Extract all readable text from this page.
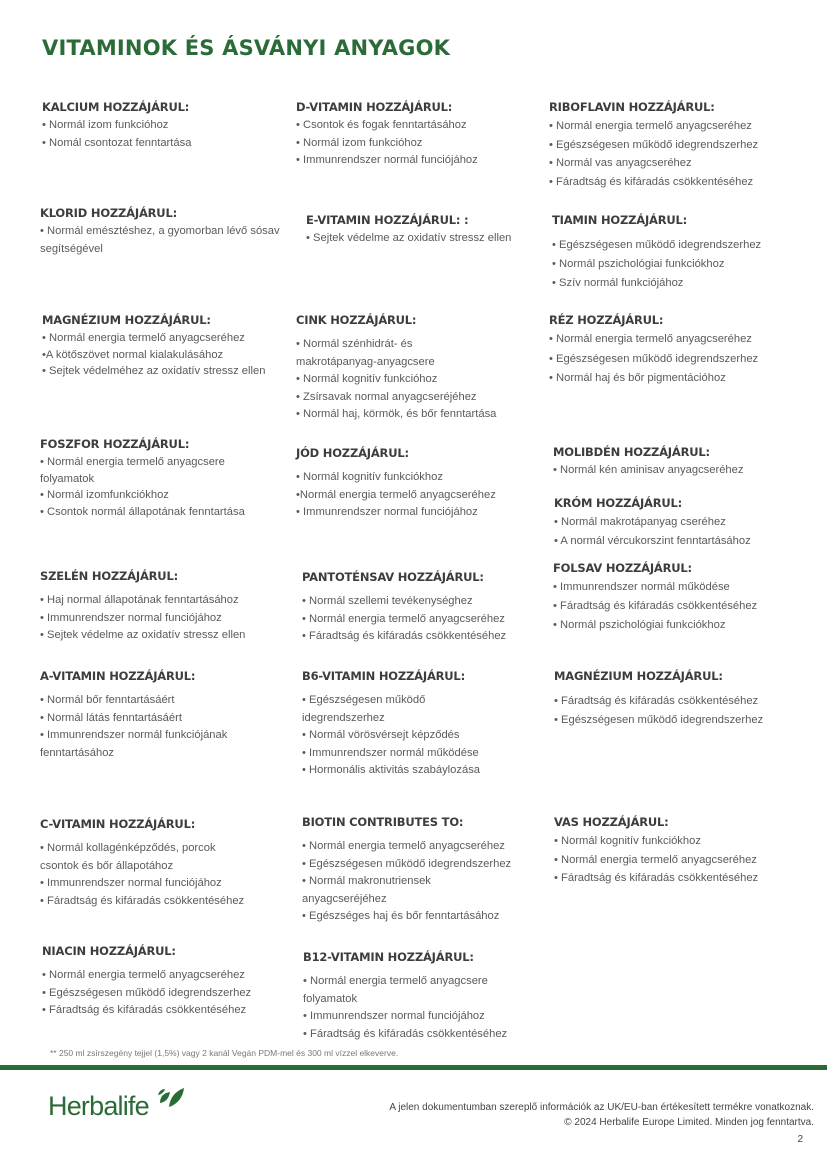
VITAMINOK ÉS ÁSVÁNYI ANYAGOK
KALCIUM HOZZÁJÁRUL:
• Normál izom funkcióhoz
• Nomál csontozat fenntartása
D-VITAMIN HOZZÁJÁRUL:
• Csontok és fogak fenntartásához
• Normál izom funkcióhoz
• Immunrendszer normál funciójához
RIBOFLAVIN HOZZÁJÁRUL:
• Normál energia termelő anyagcseréhez
• Egészségesen működő idegrendszerhez
• Normál vas anyagcseréhez
• Fáradtság és kifáradás csökkentéséhez
KLORID HOZZÁJÁRUL:
• Normál emésztéshez, a gyomorban lévő sósav segítségével
E-VITAMIN HOZZÁJÁRUL: :
• Sejtek védelme az oxidatív stressz ellen
TIAMIN HOZZÁJÁRUL:
• Egészségesen működő idegrendszerhez
• Normál pszichológiai funkciókhoz
• Szív normál funkciójához
MAGNÉZIUM HOZZÁJÁRUL:
• Normál energia termelő anyagcseréhez
•A kötőszövet normal kialakulásához
• Sejtek védelméhez az oxidatív stressz ellen
CINK HOZZÁJÁRUL:
• Normál szénhidrát- és makrotápanyag-anyagcsere
• Normál kognitív funkcióhoz
• Zsírsavak normal anyagcseréjéhez
• Normál haj, körmök, és bőr fenntartása
RÉZ HOZZÁJÁRUL:
• Normál energia termelő anyagcseréhez
• Egészségesen működő idegrendszerhez
• Normál haj és bőr pigmentációhoz
FOSZFOR HOZZÁJÁRUL:
• Normál energia termelő anyagcsere folyamatok
• Normál izomfunkciókhoz
• Csontok normál állapotának fenntartása
JÓD HOZZÁJÁRUL:
• Normál kognitív funkciókhoz
•Normál energia termelő anyagcseréhez
• Immunrendszer normal funciójához
MOLIBDÉN HOZZÁJÁRUL:
• Normál kén aminisav anyagcseréhez
KRÓM HOZZÁJÁRUL:
• Normál makrotápanyag cseréhez
• A normál vércukorszint fenntartásához
SZELÉN HOZZÁJÁRUL:
• Haj normal állapotának fenntartásához
• Immunrendszer normal funciójához
• Sejtek védelme az oxidatív stressz ellen
PANTOTÉNSAV HOZZÁJÁRUL:
• Normál szellemi tevékenységhez
• Normál energia termelő anyagcseréhez
• Fáradtság és kifáradás csökkentéséhez
FOLSAV HOZZÁJÁRUL:
• Immunrendszer normál működése
• Fáradtság és kifáradás csökkentéséhez
• Normál pszichológiai funkciókhoz
A-VITAMIN HOZZÁJÁRUL:
• Normál bőr fenntartásáért
• Normál látás fenntartásáért
• Immunrendszer normál funkciójának fenntartásához
B6-VITAMIN HOZZÁJÁRUL:
• Egészségesen működő idegrendszerhez
• Normál vörösvérsejt képződés
• Immunrendszer normál működése
• Hormonális aktivitás szabáylozása
MAGNÉZIUM HOZZÁJÁRUL:
• Fáradtság és kifáradás csökkentéséhez
• Egészségesen működő idegrendszerhez
C-VITAMIN HOZZÁJÁRUL:
• Normál kollagénképződés, porcok csontok és bőr állapotához
• Immunrendszer normal funciójához
• Fáradtság és kifáradás csökkentéséhez
BIOTIN CONTRIBUTES TO:
• Normál energia termelő anyagcseréhez
• Egészségesen működő idegrendszerhez
• Normál makronutriensek anyagcseréjéhez
• Egészséges haj és bőr fenntartásához
VAS HOZZÁJÁRUL:
• Normál kognitív funkciókhoz
• Normál energia termelő anyagcseréhez
• Fáradtság és kifáradás csökkentéséhez
NIACIN HOZZÁJÁRUL:
• Normál energia termelő anyagcseréhez
• Egészségesen működő idegrendszerhez
• Fáradtság és kifáradás csökkentéséhez
B12-VITAMIN HOZZÁJÁRUL:
• Normál energia termelő anyagcsere folyamatok
• Immunrendszer normal funciójához
• Fáradtság és kifáradás csökkentéséhez
** 250 ml zsírszegény tejjel (1,5%) vagy 2 kanál Vegán PDM-mel és 300 ml vízzel elkeverve.
Herbalife	A jelen dokumentumban szereplő információk az UK/EU-ban értékesített termékre vonatkoznak.
© 2024 Herbalife Europe Limited. Minden jog fenntartva.
2
